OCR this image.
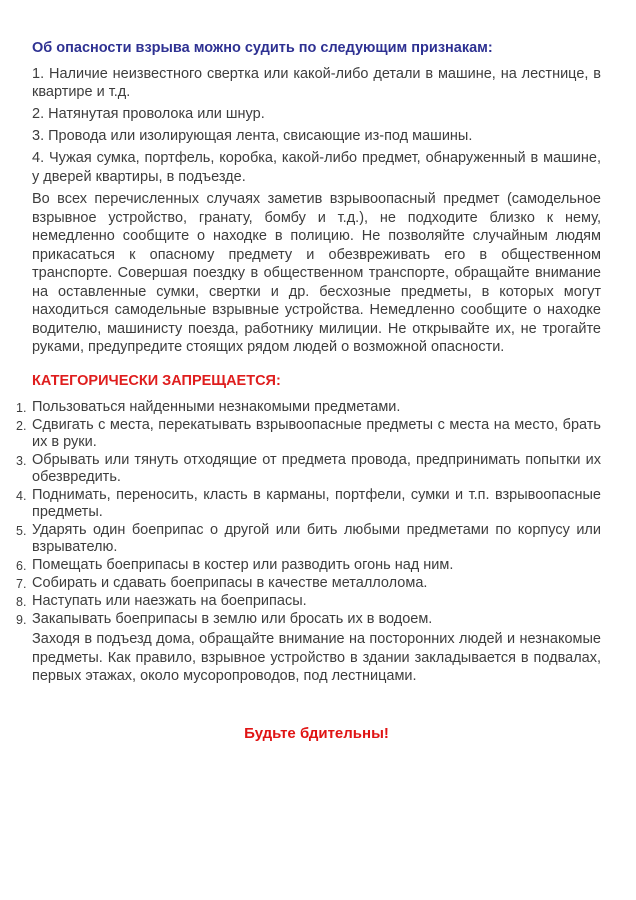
Об опасности взрыва можно судить по следующим признакам:

1. Наличие неизвестного свертка или какой-либо детали в машине, на лестнице, в квартире и т.д.

2. Натянутая проволока или шнур.

3. Провода или изолирующая лента, свисающие из-под машины.

4. Чужая сумка, портфель, коробка, какой-либо предмет, обнаруженный в машине, у дверей квартиры, в подъезде.

Во всех перечисленных случаях заметив взрывоопасный предмет (самодельное взрывное устройство, гранату, бомбу и т.д.), не подходите близко к нему, немедленно сообщите о находке в полицию. Не позволяйте случайным людям прикасаться к опасному предмету и обезвреживать его в общественном транспорте. Совершая поездку в общественном транспорте, обращайте внимание на оставленные сумки, свертки и др. бесхозные предметы, в которых могут находиться самодельные взрывные устройства. Немедленно сообщите о находке водителю, машинисту поезда, работнику милиции. Не открывайте их, не трогайте руками, предупредите стоящих рядом людей о возможной опасности.

КАТЕГОРИЧЕСКИ ЗАПРЕЩАЕТСЯ:
Пользоваться найденными незнакомыми предметами.
Сдвигать с места, перекатывать взрывоопасные предметы с места на место, брать их в руки.
Обрывать или тянуть отходящие от предмета провода, предпринимать попытки их обезвредить.
Поднимать, переносить, класть в карманы, портфели, сумки и т.п. взрывоопасные предметы.
Ударять один боеприпас о другой или бить любыми предметами по корпусу или взрывателю.
Помещать боеприпасы в костер или разводить огонь над ним.
Собирать и сдавать боеприпасы в качестве металлолома.
Наступать или наезжать на боеприпасы.
Закапывать боеприпасы в землю или бросать их в водоем.

Заходя в подъезд дома, обращайте внимание на посторонних людей и незнакомые предметы. Как правило, взрывное устройство в здании закладывается в подвалах, первых этажах, около мусоропроводов, под лестницами.

Будьте бдительны!
